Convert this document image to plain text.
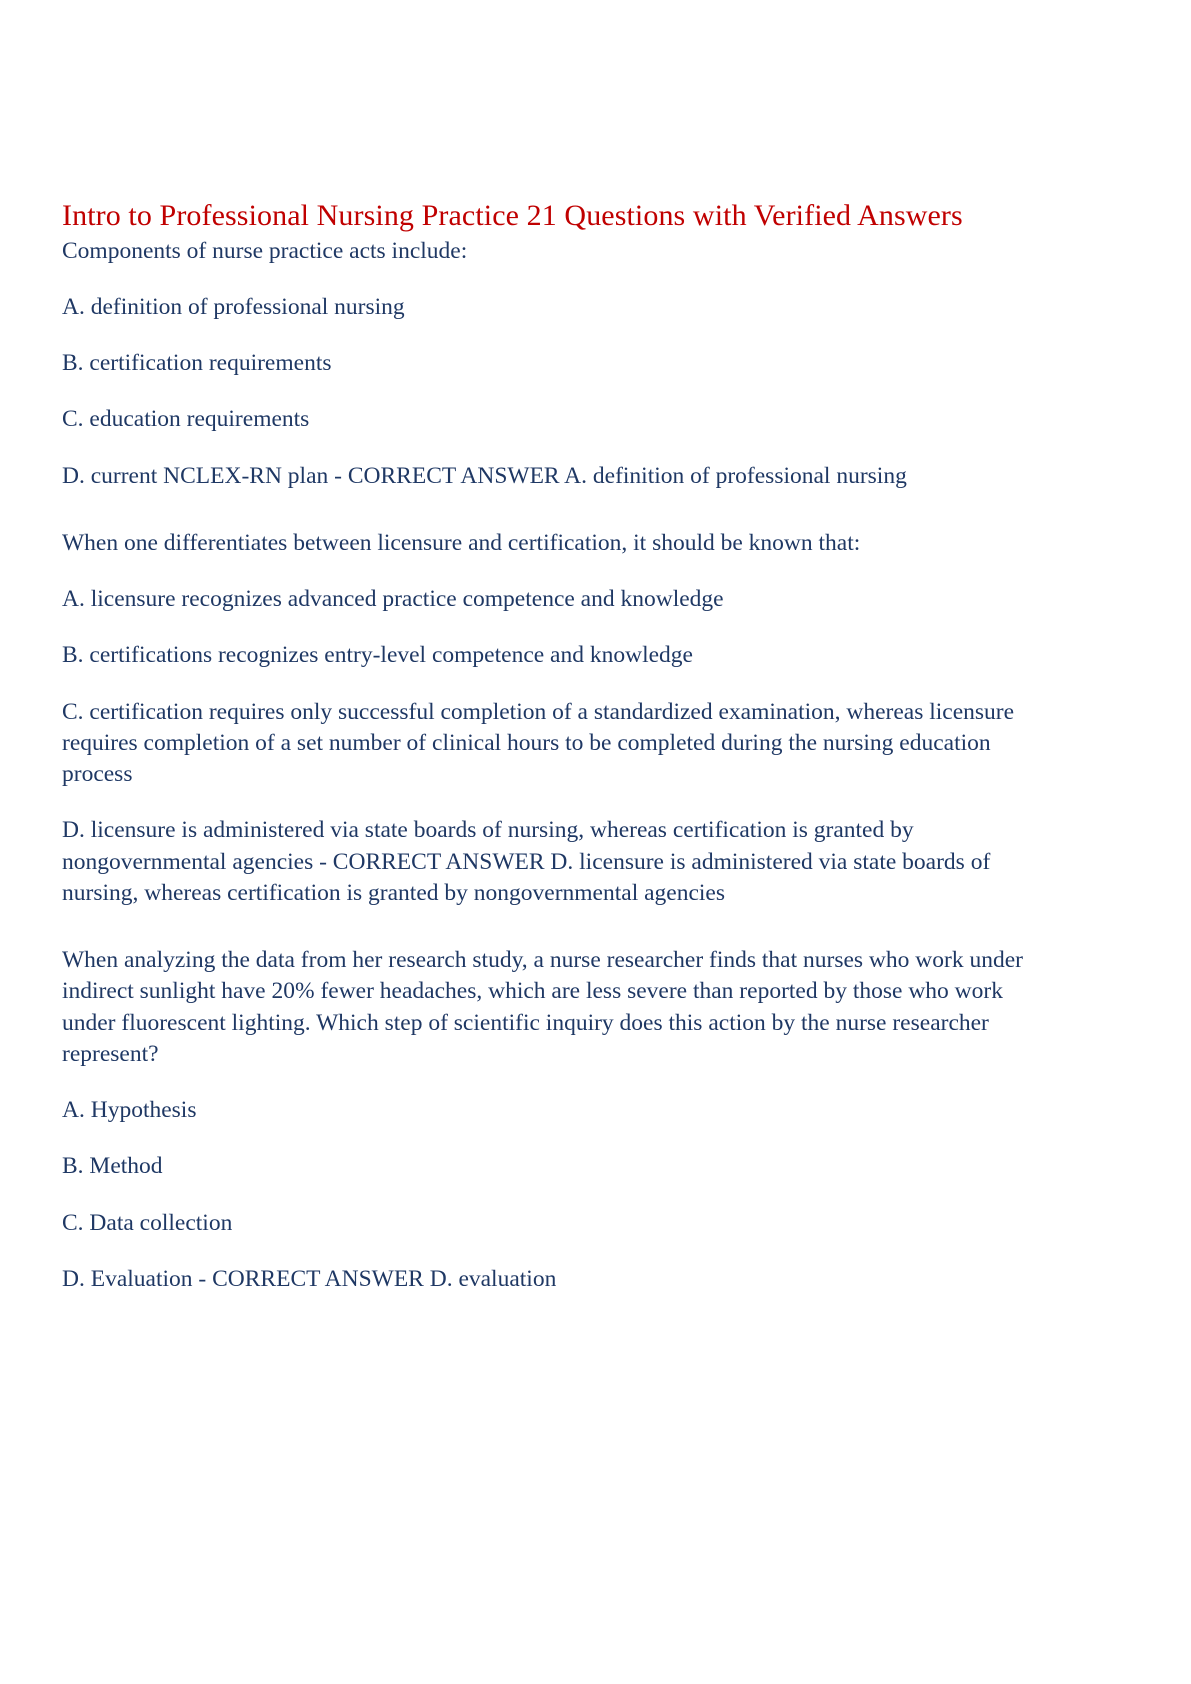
Intro to Professional Nursing Practice 21 Questions with Verified Answers

Components of nurse practice acts include:

A. definition of professional nursing

B. certification requirements

C. education requirements

D. current NCLEX-RN plan - CORRECT ANSWER A. definition of professional nursing

When one differentiates between licensure and certification, it should be known that:

A. licensure recognizes advanced practice competence and knowledge

B. certifications recognizes entry-level competence and knowledge

C. certification requires only successful completion of a standardized examination, whereas licensure requires completion of a set number of clinical hours to be completed during the nursing education process

D. licensure is administered via state boards of nursing, whereas certification is granted by nongovernmental agencies - CORRECT ANSWER D. licensure is administered via state boards of nursing, whereas certification is granted by nongovernmental agencies

When analyzing the data from her research study, a nurse researcher finds that nurses who work under indirect sunlight have 20% fewer headaches, which are less severe than reported by those who work under fluorescent lighting. Which step of scientific inquiry does this action by the nurse researcher represent?

A. Hypothesis

B. Method

C. Data collection

D. Evaluation - CORRECT ANSWER D. evaluation
